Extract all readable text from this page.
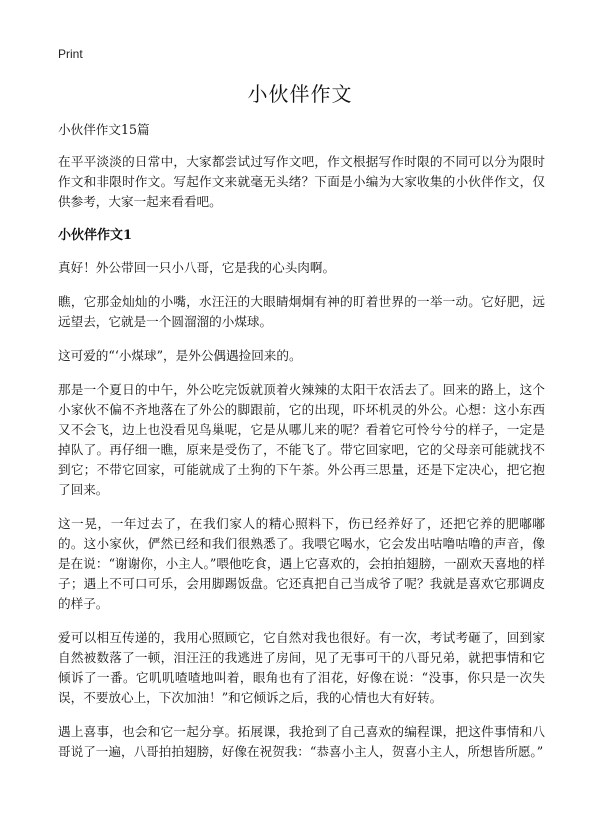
Print
小伙伴作文

小伙伴作文15篇

在平平淡淡的日常中，大家都尝试过写作文吧，作文根据写作时限的不同可以分为限时作文和非限时作文。写起作文来就毫无头绪？下面是小编为大家收集的小伙伴作文，仅供参考，大家一起来看看吧。

小伙伴作文1

真好！外公带回一只小八哥，它是我的心头肉啊。

瞧，它那金灿灿的小嘴，水汪汪的大眼睛炯炯有神的盯着世界的一举一动。它好肥，远远望去，它就是一个圆溜溜的小煤球。

这可爱的“‘小煤球”，是外公偶遇捡回来的。

那是一个夏日的中午，外公吃完饭就顶着火辣辣的太阳干农活去了。回来的路上，这个小家伙不偏不齐地落在了外公的脚跟前，它的出现，吓坏机灵的外公。心想：这小东西又不会飞，边上也没看见鸟巢呢，它是从哪儿来的呢？看着它可怜兮兮的样子，一定是掉队了。再仔细一瞧，原来是受伤了，不能飞了。带它回家吧，它的父母亲可能就找不到它；不带它回家，可能就成了土狗的下午茶。外公再三思量，还是下定决心，把它抱了回来。

这一晃，一年过去了，在我们家人的精心照料下，伤已经养好了，还把它养的肥嘟嘟的。这小家伙，俨然已经和我们很熟悉了。我喂它喝水，它会发出咕噜咕噜的声音，像是在说：“谢谢你，小主人。”喂他吃食，遇上它喜欢的，会拍拍翅膀，一副欢天喜地的样子；遇上不可口可乐，会用脚踢饭盘。它还真把自己当成爷了呢？我就是喜欢它那调皮的样子。

爱可以相互传递的，我用心照顾它，它自然对我也很好。有一次，考试考砸了，回到家自然被数落了一顿，泪汪汪的我逃进了房间，见了无事可干的八哥兄弟，就把事情和它倾诉了一番。它叽叽喳喳地叫着，眼角也有了泪花，好像在说：“没事，你只是一次失误，不要放心上，下次加油！”和它倾诉之后，我的心情也大有好转。

遇上喜事，也会和它一起分享。拓展课，我抢到了自己喜欢的编程课，把这件事情和八哥说了一遍，八哥拍拍翅膀，好像在祝贺我：“恭喜小主人，贺喜小主人，所想皆所愿。”
